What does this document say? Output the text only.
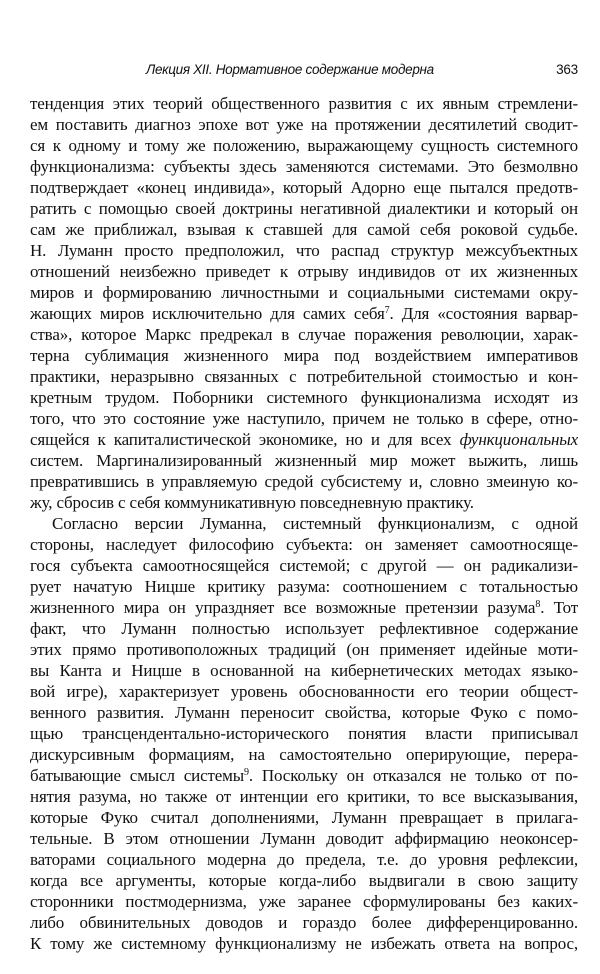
Лекция XII. Нормативное содержание модерна	363
тенденция этих теорий общественного развития с их явным стремлени-
ем поставить диагноз эпохе вот уже на протяжении десятилетий сводит-
ся к одному и тому же положению, выражающему сущность системного
функционализма: субъекты здесь заменяются системами. Это безмолвно
подтверждает «конец индивида», который Адорно еще пытался предотв-
ратить с помощью своей доктрины негативной диалектики и который он
сам же приближал, взывая к ставшей для самой себя роковой судьбе.
Н. Луманн просто предположил, что распад структур межсубъектных
отношений неизбежно приведет к отрыву индивидов от их жизненных
миров и формированию личностными и социальными системами окру-
жающих миров исключительно для самих себя$^7$. Для «состояния варвар-
ства», которое Маркс предрекал в случае поражения революции, харак-
терна сублимация жизненного мира под воздействием императивов
практики, неразрывно связанных с потребительной стоимостью и кон-
кретным трудом. Поборники системного функционализма исходят из
того, что это состояние уже наступило, причем не только в сфере, отно-
сящейся к капиталистической экономике, но и для всех функциональных
систем. Маргинализированный жизненный мир может выжить, лишь
превратившись в управляемую средой субсистему и, словно змеиную ко-
жу, сбросив с себя коммуникативную повседневную практику.
Согласно версии Луманна, системный функционализм, с одной
стороны, наследует философию субъекта: он заменяет самоотносяще-
гося субъекта самоотносящейся системой; с другой — он радикализи-
рует начатую Ницше критику разума: соотношением с тотальностью
жизненного мира он упраздняет все возможные претензии разума$^8$. Тот
факт, что Луманн полностью использует рефлективное содержание
этих прямо противоположных традиций (он применяет идейные моти-
вы Канта и Ницше в основанной на кибернетических методах языко-
вой игре), характеризует уровень обоснованности его теории общест-
венного развития. Луманн переносит свойства, которые Фуко с помо-
щью трансцендентально-исторического понятия власти приписывал
дискурсивным формациям, на самостоятельно оперирующие, перера-
батывающие смысл системы$^9$. Поскольку он отказался не только от по-
нятия разума, но также от интенции его критики, то все высказывания,
которые Фуко считал дополнениями, Луманн превращает в прилага-
тельные. В этом отношении Луманн доводит аффирмацию неоконсер-
ваторами социального модерна до предела, т.е. до уровня рефлексии,
когда все аргументы, которые когда-либо выдвигали в свою защиту
сторонники постмодернизма, уже заранее сформулированы без каких-
либо обвинительных доводов и гораздо более дифференцированно.
К тому же системному функционализму не избежать ответа на вопрос,
